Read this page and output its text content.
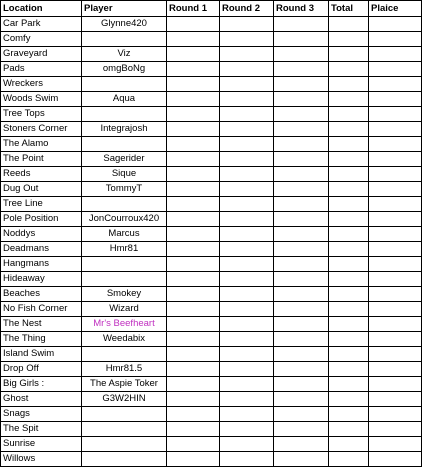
Location	Player	Round 1	Round 2	Round 3	Total	Plaice
Car Park	Glynne420					
Comfy						
Graveyard	Viz					
Pads	omgBoNg					
Wreckers						
Woods Swim	Aqua					
Tree Tops						
Stoners Corner	Integrajosh					
The Alamo						
The Point	Sagerider					
Reeds	Sique					
Dug Out	TommyT					
Tree Line						
Pole Position	JonCourroux420					
Noddys	Marcus					
Deadmans	Hmr81					
Hangmans						
Hideaway						
Beaches	Smokey					
No Fish Corner	Wizard					
The Nest	Mr's Beefheart					
The Thing	Weedabix					
Island Swim						
Drop Off	Hmr81.5					
Big Girls :	The Aspie Toker					
Ghost	G3W2HIN					
Snags						
The Spit						
Sunrise						
Willows						
